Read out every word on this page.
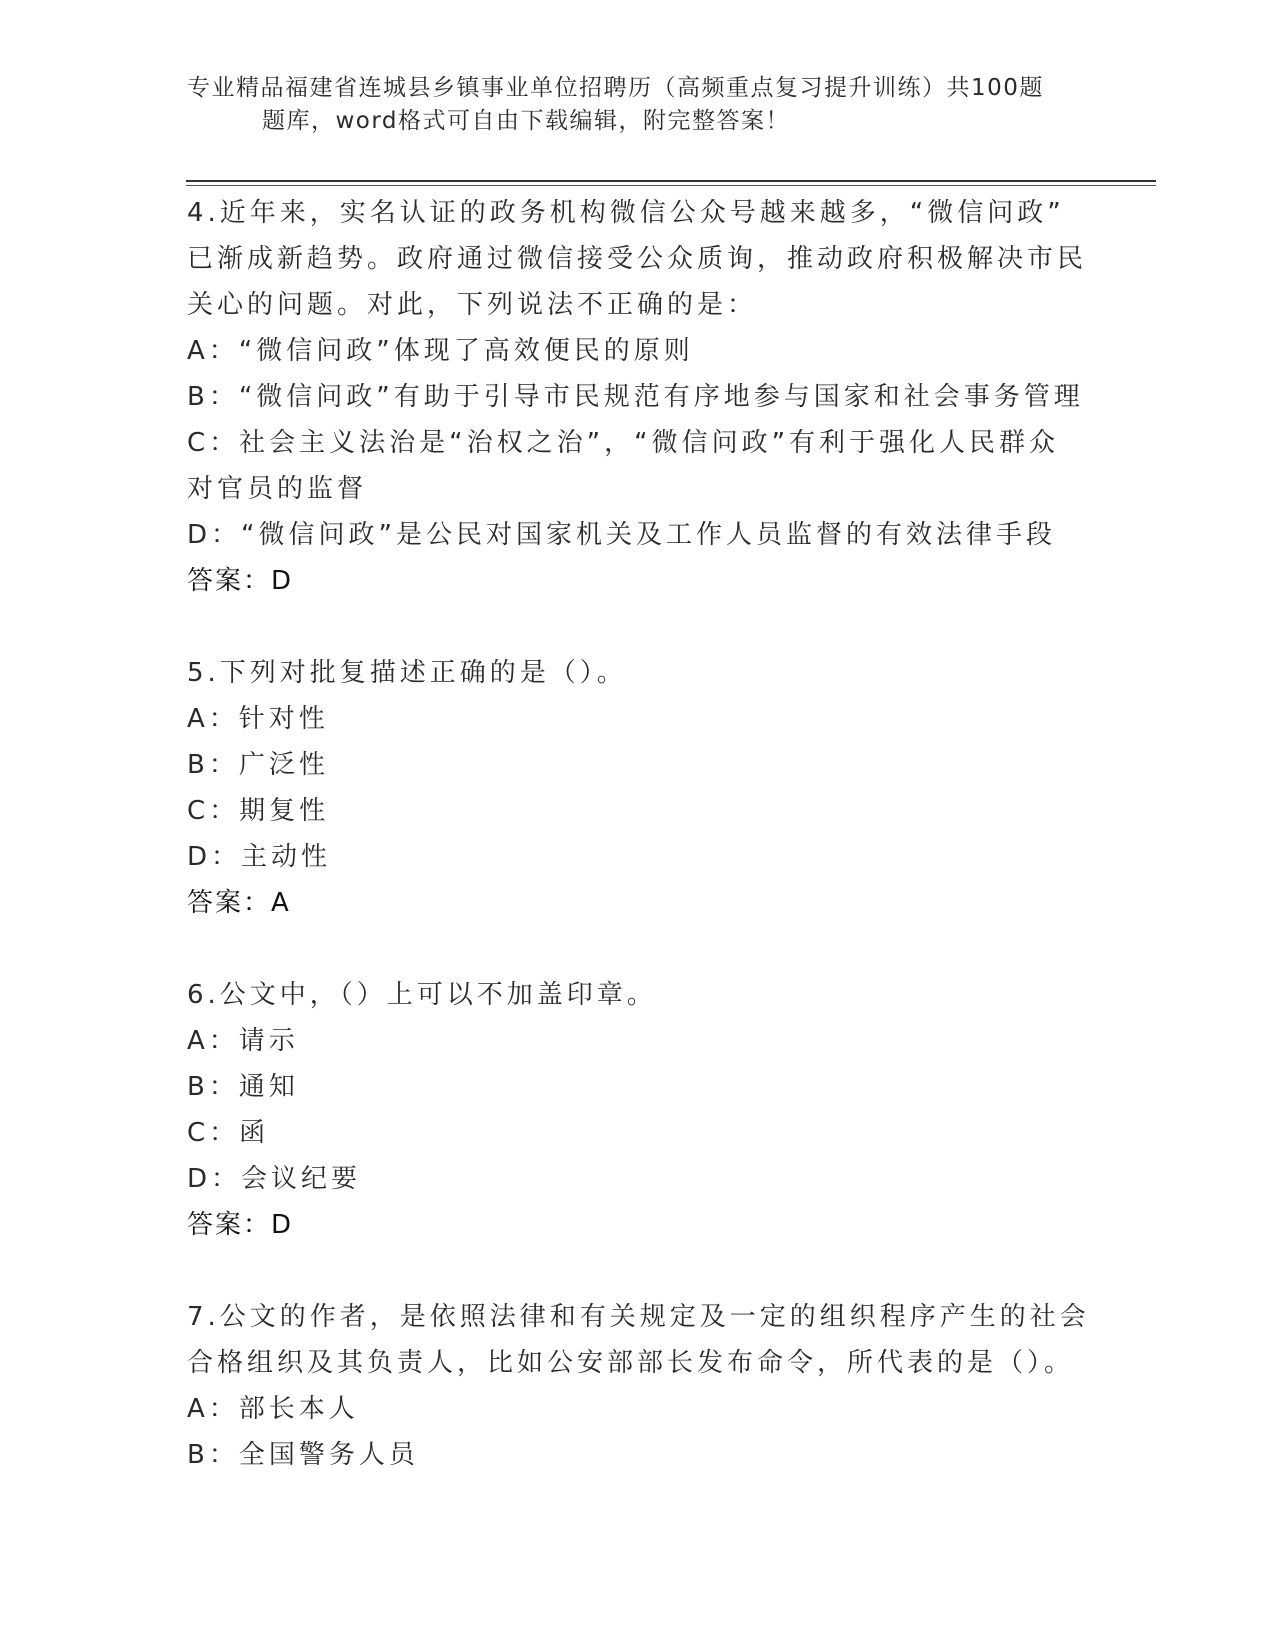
专业精品福建省连城县乡镇事业单位招聘历（高频重点复习提升训练）共100题
题库，word格式可自由下载编辑，附完整答案！
4.近年来，实名认证的政务机构微信公众号越来越多，“微信问政”
已渐成新趋势。政府通过微信接受公众质询，推动政府积极解决市民
关心的问题。对此，下列说法不正确的是：
A：“微信问政”体现了高效便民的原则
B：“微信问政”有助于引导市民规范有序地参与国家和社会事务管理
C：社会主义法治是“治权之治”，“微信问政”有利于强化人民群众
对官员的监督
D：“微信问政”是公民对国家机关及工作人员监督的有效法律手段
答案：D
5.下列对批复描述正确的是（）。
A：针对性
B：广泛性
C：期复性
D：主动性
答案：A
6.公文中，（）上可以不加盖印章。
A：请示
B：通知
C：函
D：会议纪要
答案：D
7.公文的作者，是依照法律和有关规定及一定的组织程序产生的社会
合格组织及其负责人，比如公安部部长发布命令，所代表的是（）。
A：部长本人
B：全国警务人员
